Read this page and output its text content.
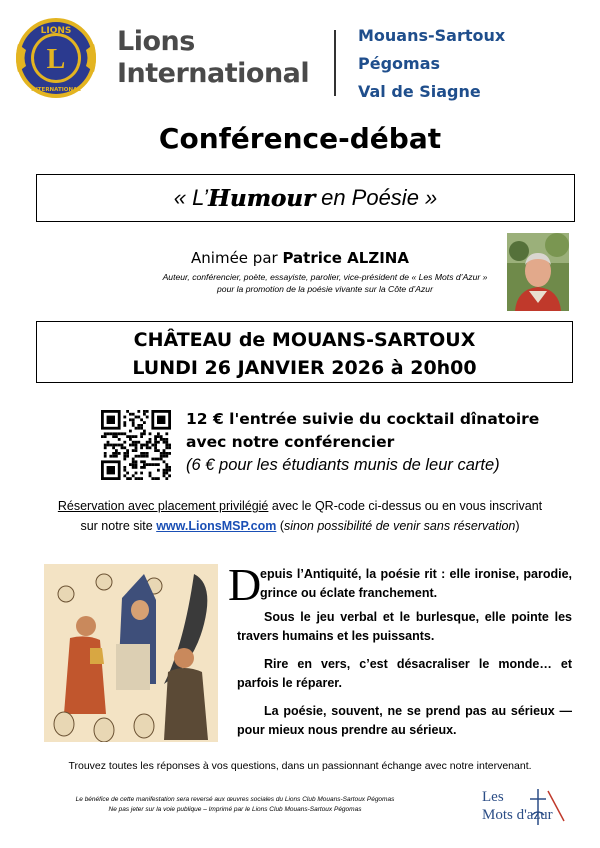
L
LIONS
INTERNATIONAL
Lions
International
Mouans-Sartoux
Pégomas
Val de Siagne
Conférence-débat
« L’ Humour en Poésie »
Animée par Patrice ALZINA
Auteur, conférencier, poète, essayiste, parolier, vice-président de « Les Mots d’Azur »
pour la promotion de la poésie vivante sur la Côte d’Azur
CHÂTEAU de MOUANS-SARTOUX
LUNDI 26 JANVIER 2026 à 20h00
12 € l'entrée suivie du cocktail dînatoire
avec notre conférencier
(6 € pour les étudiants munis de leur carte)
Réservation avec placement privilégié avec le QR-code ci-dessus ou en vous inscrivant
sur notre site www.LionsMSP.com (sinon possibilité de venir sans réservation)
D
epuis l’Antiquité, la poésie rit : elle ironise, parodie, grince ou éclate franchement.
Sous le jeu verbal et le burlesque, elle pointe les travers humains et les puissants.
Rire en vers, c’est désacraliser le monde… et parfois le réparer.
La poésie, souvent, ne se prend pas au sérieux — pour mieux nous prendre au sérieux.
Trouvez toutes les réponses à vos questions, dans un passionnant échange avec notre intervenant.
Le bénéfice de cette manifestation sera reversé aux œuvres sociales du Lions Club Mouans-Sartoux Pégomas
Ne pas jeter sur la voie publique – Imprimé par le Lions Club Mouans-Sartoux Pégomas
Les
Mots d'azur
